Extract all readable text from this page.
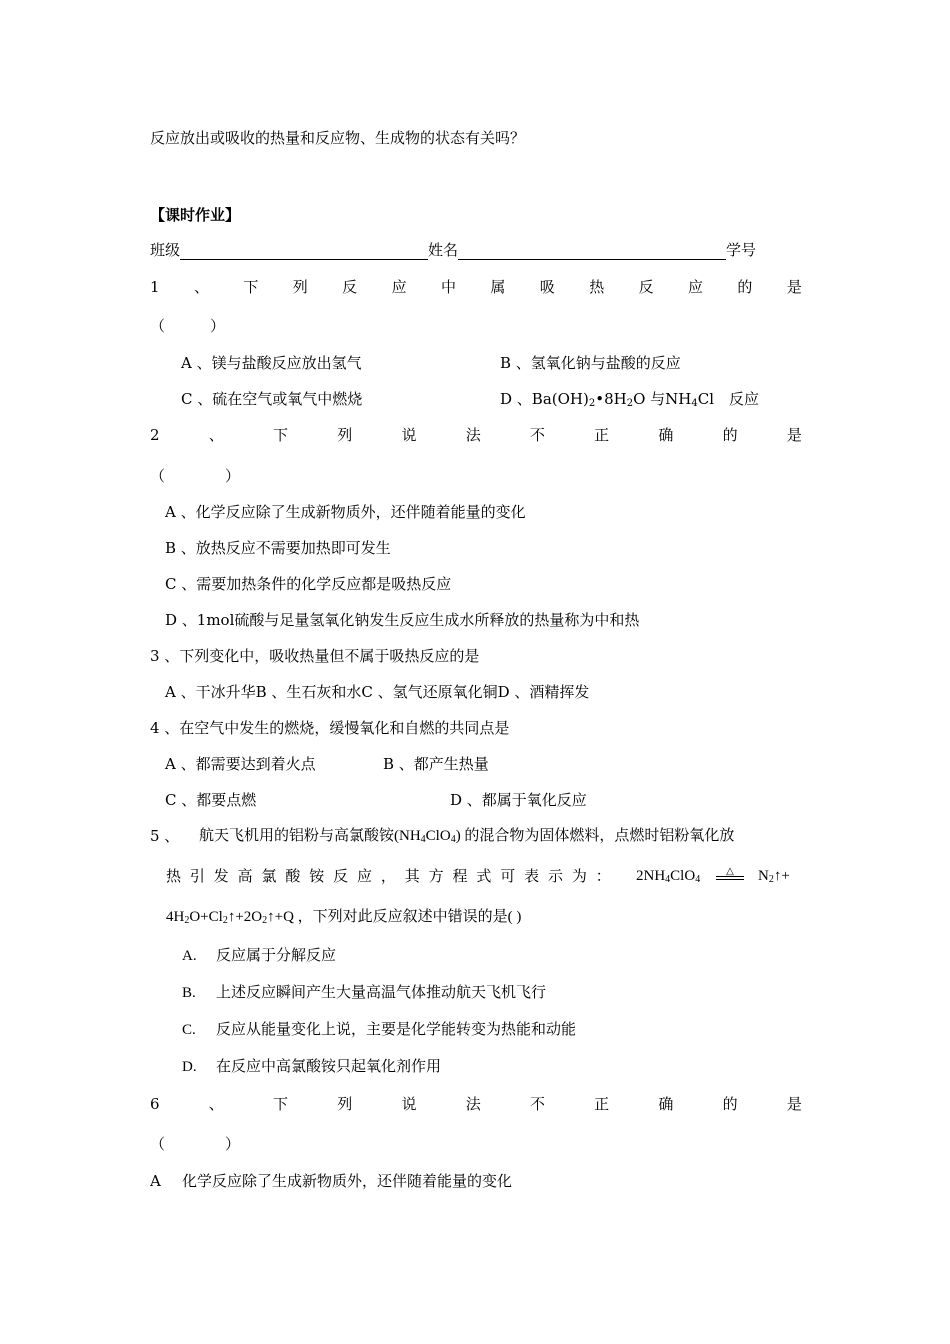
反应放出或吸收的热量和反应物、生成物的状态有关吗？
【课时作业】
班级	姓名	学号
1 、 下 列 反 应 中 属 吸 热 反 应 的 是
（　　　）
A 、镁与盐酸反应放出氢气	B 、氢氧化钠与盐酸的反应
C 、硫在空气或氧气中燃烧	D 、$Ba(OH)_2•8H_2O$ 与$NH_4Cl$　反应
2	、	下	列	说	法	不	正	确	的	是
（　　　　）
A 、化学反应除了生成新物质外，还伴随着能量的变化
B 、放热反应不需要加热即可发生
C 、需要加热条件的化学反应都是吸热反应
D 、1mol硫酸与足量氢氧化钠发生反应生成水所释放的热量称为中和热
3 、下列变化中，吸收热量但不属于吸热反应的是
A 、干冰升华B 、生石灰和水C 、氢气还原氧化铜D 、酒精挥发
4 、在空气中发生的燃烧，缓慢氧化和自燃的共同点是
A 、都需要达到着火点	B 、都产生热量
C 、都要点燃	D 、都属于氧化反应
5 、 航天飞机用的铝粉与高氯酸铵$(NH_4ClO_4)$ 的混合物为固体燃料，点燃时铝粉氧化放
热 引 发 高 氯 酸 铵 反 应 ， 其 方 程 式 可 表 示 为 ： $2NH_4ClO_4$
△	$N_2↑+$
$4H_2O+Cl_2↑+2O_2↑+Q$ ，下列对此反应叙述中错误的是( )
A. 反应属于分解反应
B. 上述反应瞬间产生大量高温气体推动航天飞机飞行
C. 反应从能量变化上说，主要是化学能转变为热能和动能
D. 在反应中高氯酸铵只起氧化剂作用
6	、	下	列	说	法	不	正	确	的	是
（　　　　）
A 化学反应除了生成新物质外，还伴随着能量的变化
